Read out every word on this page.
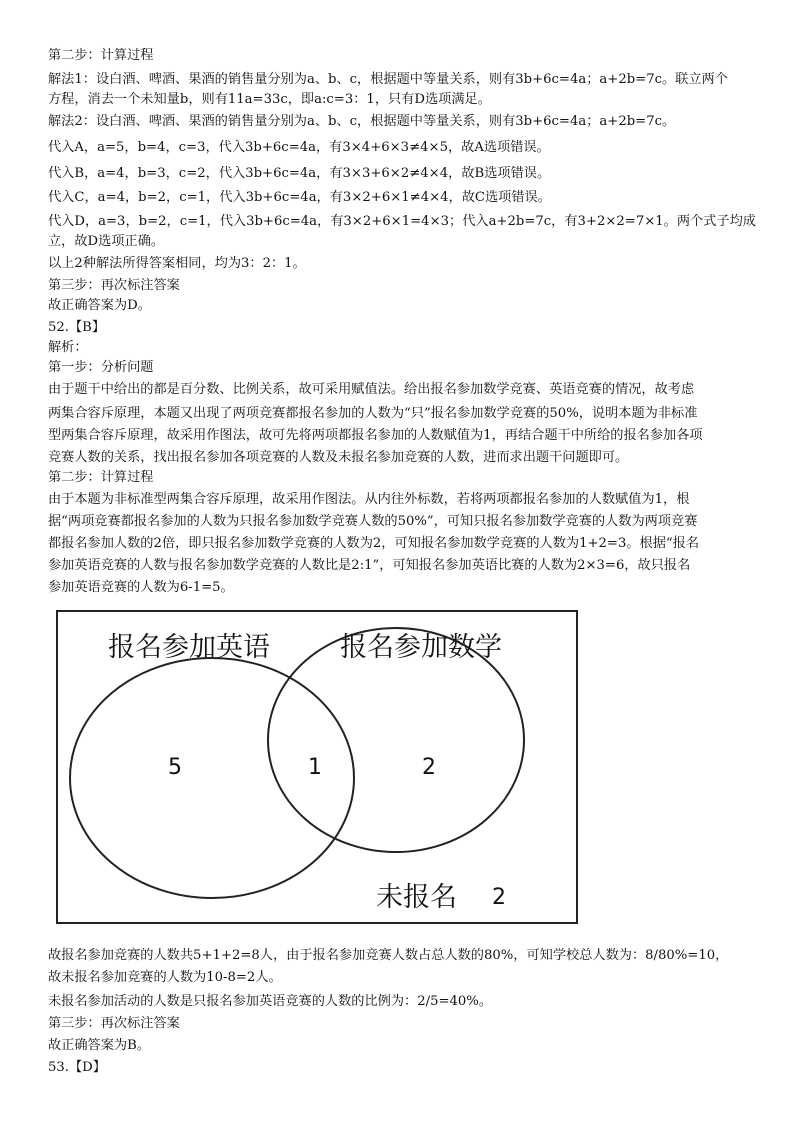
第二步：计算过程
解法1：设白酒、啤酒、果酒的销售量分别为a、b、c，根据题中等量关系，则有3b+6c=4a；a+2b=7c。联立两个
方程，消去一个未知量b，则有11a=33c，即a:c=3：1，只有D选项满足。
解法2：设白酒、啤酒、果酒的销售量分别为a、b、c，根据题中等量关系，则有3b+6c=4a；a+2b=7c。
代入A，a=5，b=4，c=3，代入3b+6c=4a，有3×4+6×3≠4×5，故A选项错误。
代入B，a=4，b=3，c=2，代入3b+6c=4a，有3×3+6×2≠4×4，故B选项错误。
代入C，a=4，b=2，c=1，代入3b+6c=4a，有3×2+6×1≠4×4，故C选项错误。
代入D，a=3，b=2，c=1，代入3b+6c=4a，有3×2+6×1=4×3；代入a+2b=7c，有3+2×2=7×1。两个式子均成
立，故D选项正确。
以上2种解法所得答案相同，均为3：2：1。
第三步：再次标注答案
故正确答案为D。
52.【B】
解析：
第一步：分析问题
由于题干中给出的都是百分数、比例关系，故可采用赋值法。给出报名参加数学竞赛、英语竞赛的情况，故考虑
两集合容斥原理，本题又出现了两项竞赛都报名参加的人数为“只”报名参加数学竞赛的50%，说明本题为非标准
型两集合容斥原理，故采用作图法，故可先将两项都报名参加的人数赋值为1，再结合题干中所给的报名参加各项
竞赛人数的关系，找出报名参加各项竞赛的人数及未报名参加竞赛的人数，进而求出题干问题即可。
第二步：计算过程
由于本题为非标准型两集合容斥原理，故采用作图法。从内往外标数，若将两项都报名参加的人数赋值为1，根
据“两项竞赛都报名参加的人数为只报名参加数学竞赛人数的50%”，可知只报名参加数学竞赛的人数为两项竞赛
都报名参加人数的2倍，即只报名参加数学竞赛的人数为2，可知报名参加数学竞赛的人数为1+2=3。根据“报名
参加英语竞赛的人数与报名参加数学竞赛的人数比是2:1”，可知报名参加英语比赛的人数为2×3=6，故只报名
参加英语竞赛的人数为6-1=5。
报名参加英语	报名参加数学
5	1	2
未报名 2
故报名参加竞赛的人数共5+1+2=8人，由于报名参加竞赛人数占总人数的80%，可知学校总人数为：8/80%=10，
故未报名参加竞赛的人数为10-8=2人。
未报名参加活动的人数是只报名参加英语竞赛的人数的比例为：2/5=40%。
第三步：再次标注答案
故正确答案为B。
53.【D】
